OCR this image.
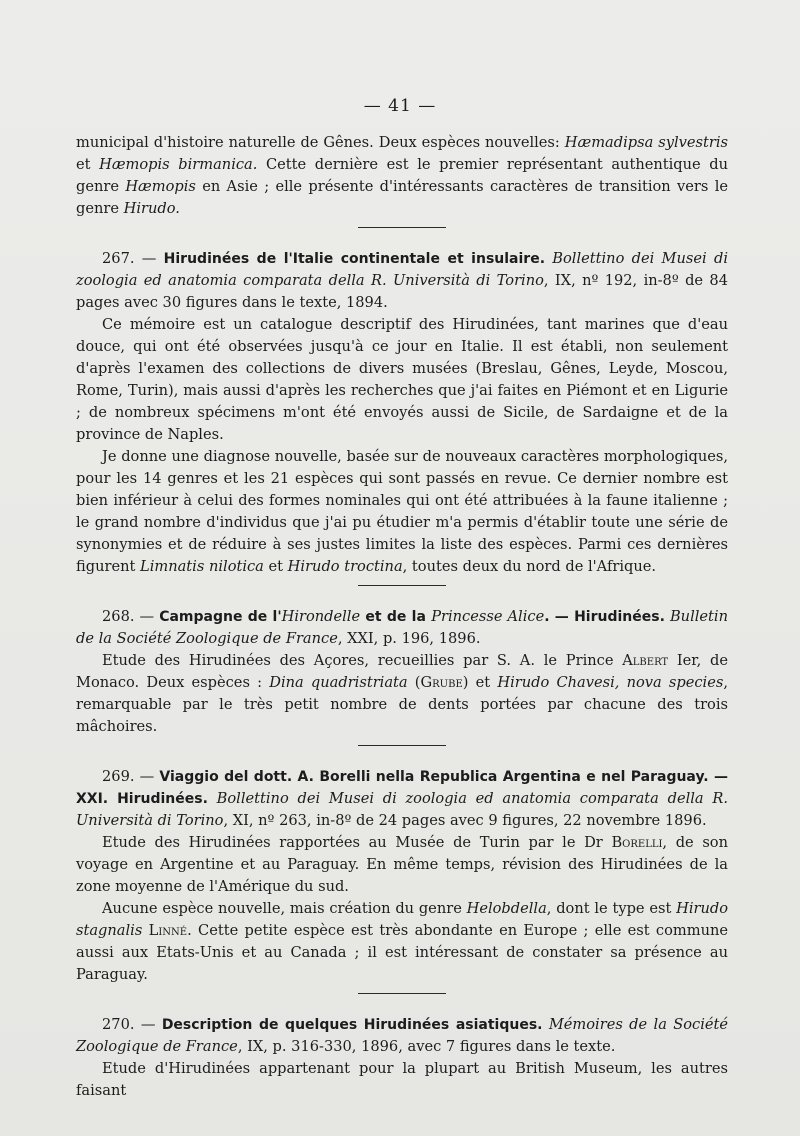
— 41 —

municipal d'histoire naturelle de Gênes. Deux espèces nouvelles: Hæmadipsa sylvestris et Hæmopis birmanica. Cette dernière est le premier représentant authentique du genre Hæmopis en Asie ; elle présente d'intéressants caractères de transition vers le genre Hirudo.

267. — Hirudinées de l'Italie continentale et insulaire. Bollettino dei Musei di zoologia ed anatomia comparata della R. Università di Torino, IX, nº 192, in-8º de 84 pages avec 30 figures dans le texte, 1894.

Ce mémoire est un catalogue descriptif des Hirudinées, tant marines que d'eau douce, qui ont été observées jusqu'à ce jour en Italie. Il est établi, non seulement d'après l'examen des collections de divers musées (Breslau, Gênes, Leyde, Moscou, Rome, Turin), mais aussi d'après les recherches que j'ai faites en Piémont et en Ligurie ; de nombreux spécimens m'ont été envoyés aussi de Sicile, de Sardaigne et de la province de Naples.

Je donne une diagnose nouvelle, basée sur de nouveaux caractères morphologiques, pour les 14 genres et les 21 espèces qui sont passés en revue. Ce dernier nombre est bien inférieur à celui des formes nominales qui ont été attribuées à la faune italienne ; le grand nombre d'individus que j'ai pu étudier m'a permis d'établir toute une série de synonymies et de réduire à ses justes limites la liste des espèces. Parmi ces dernières figurent Limnatis nilotica et Hirudo troctina, toutes deux du nord de l'Afrique.

268. — Campagne de l'Hirondelle et de la Princesse Alice. — Hirudinées. Bulletin de la Société Zoologique de France, XXI, p. 196, 1896.

Etude des Hirudinées des Açores, recueillies par S. A. le Prince Albert Ier, de Monaco. Deux espèces : Dina quadristriata (Grube) et Hirudo Chavesi, nova species, remarquable par le très petit nombre de dents portées par chacune des trois mâchoires.

269. — Viaggio del dott. A. Borelli nella Republica Argentina e nel Paraguay. — XXI. Hirudinées. Bollettino dei Musei di zoologia ed anatomia comparata della R. Università di Torino, XI, nº 263, in-8º de 24 pages avec 9 figures, 22 novembre 1896.

Etude des Hirudinées rapportées au Musée de Turin par le Dr Borelli, de son voyage en Argentine et au Paraguay. En même temps, révision des Hirudinées de la zone moyenne de l'Amérique du sud.

Aucune espèce nouvelle, mais création du genre Helobdella, dont le type est Hirudo stagnalis Linné. Cette petite espèce est très abondante en Europe ; elle est commune aussi aux Etats-Unis et au Canada ; il est intéressant de constater sa présence au Paraguay.

270. — Description de quelques Hirudinées asiatiques. Mémoires de la Société Zoologique de France, IX, p. 316-330, 1896, avec 7 figures dans le texte.

Etude d'Hirudinées appartenant pour la plupart au British Museum, les autres faisant
